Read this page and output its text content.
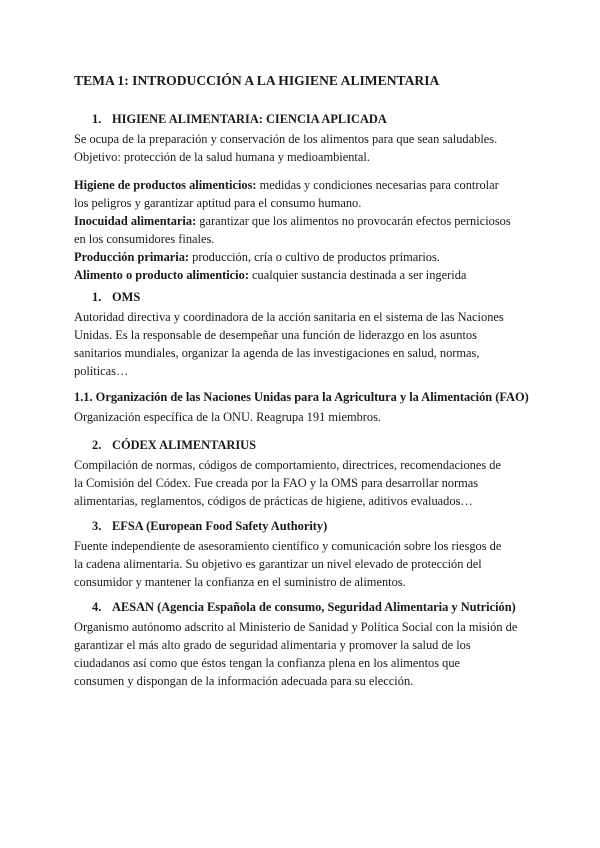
TEMA 1: INTRODUCCIÓN A LA HIGIENE ALIMENTARIA
1. HIGIENE ALIMENTARIA: CIENCIA APLICADA
Se ocupa de la preparación y conservación de los alimentos para que sean saludables.
Objetivo: protección de la salud humana y medioambiental.
Higiene de productos alimenticios: medidas y condiciones necesarias para controlar
los peligros y garantizar aptitud para el consumo humano.
Inocuidad alimentaria: garantizar que los alimentos no provocarán efectos perniciosos
en los consumidores finales.
Producción primaria: producción, cría o cultivo de productos primarios.
Alimento o producto alimenticio: cualquier sustancia destinada a ser ingerida
1. OMS
Autoridad directiva y coordinadora de la acción sanitaria en el sistema de las Naciones
Unidas. Es la responsable de desempeñar una función de liderazgo en los asuntos
sanitarios mundiales, organizar la agenda de las investigaciones en salud, normas,
políticas…
1.1. Organización de las Naciones Unidas para la Agricultura y la Alimentación (FAO)
Organización específica de la ONU. Reagrupa 191 miembros.
2. CÓDEX ALIMENTARIUS
Compilación de normas, códigos de comportamiento, directrices, recomendaciones de
la Comisión del Códex. Fue creada por la FAO y la OMS para desarrollar normas
alimentarias, reglamentos, códigos de prácticas de higiene, aditivos evaluados…
3. EFSA (European Food Safety Authority)
Fuente independiente de asesoramiento científico y comunicación sobre los riesgos de
la cadena alimentaria. Su objetivo es garantizar un nivel elevado de protección del
consumidor y mantener la confianza en el suministro de alimentos.
4. AESAN (Agencia Española de consumo, Seguridad Alimentaria y Nutrición)
Organismo autónomo adscrito al Ministerio de Sanidad y Política Social con la misión de
garantizar el más alto grado de seguridad alimentaria y promover la salud de los
ciudadanos así como que éstos tengan la confianza plena en los alimentos que
consumen y dispongan de la información adecuada para su elección.
